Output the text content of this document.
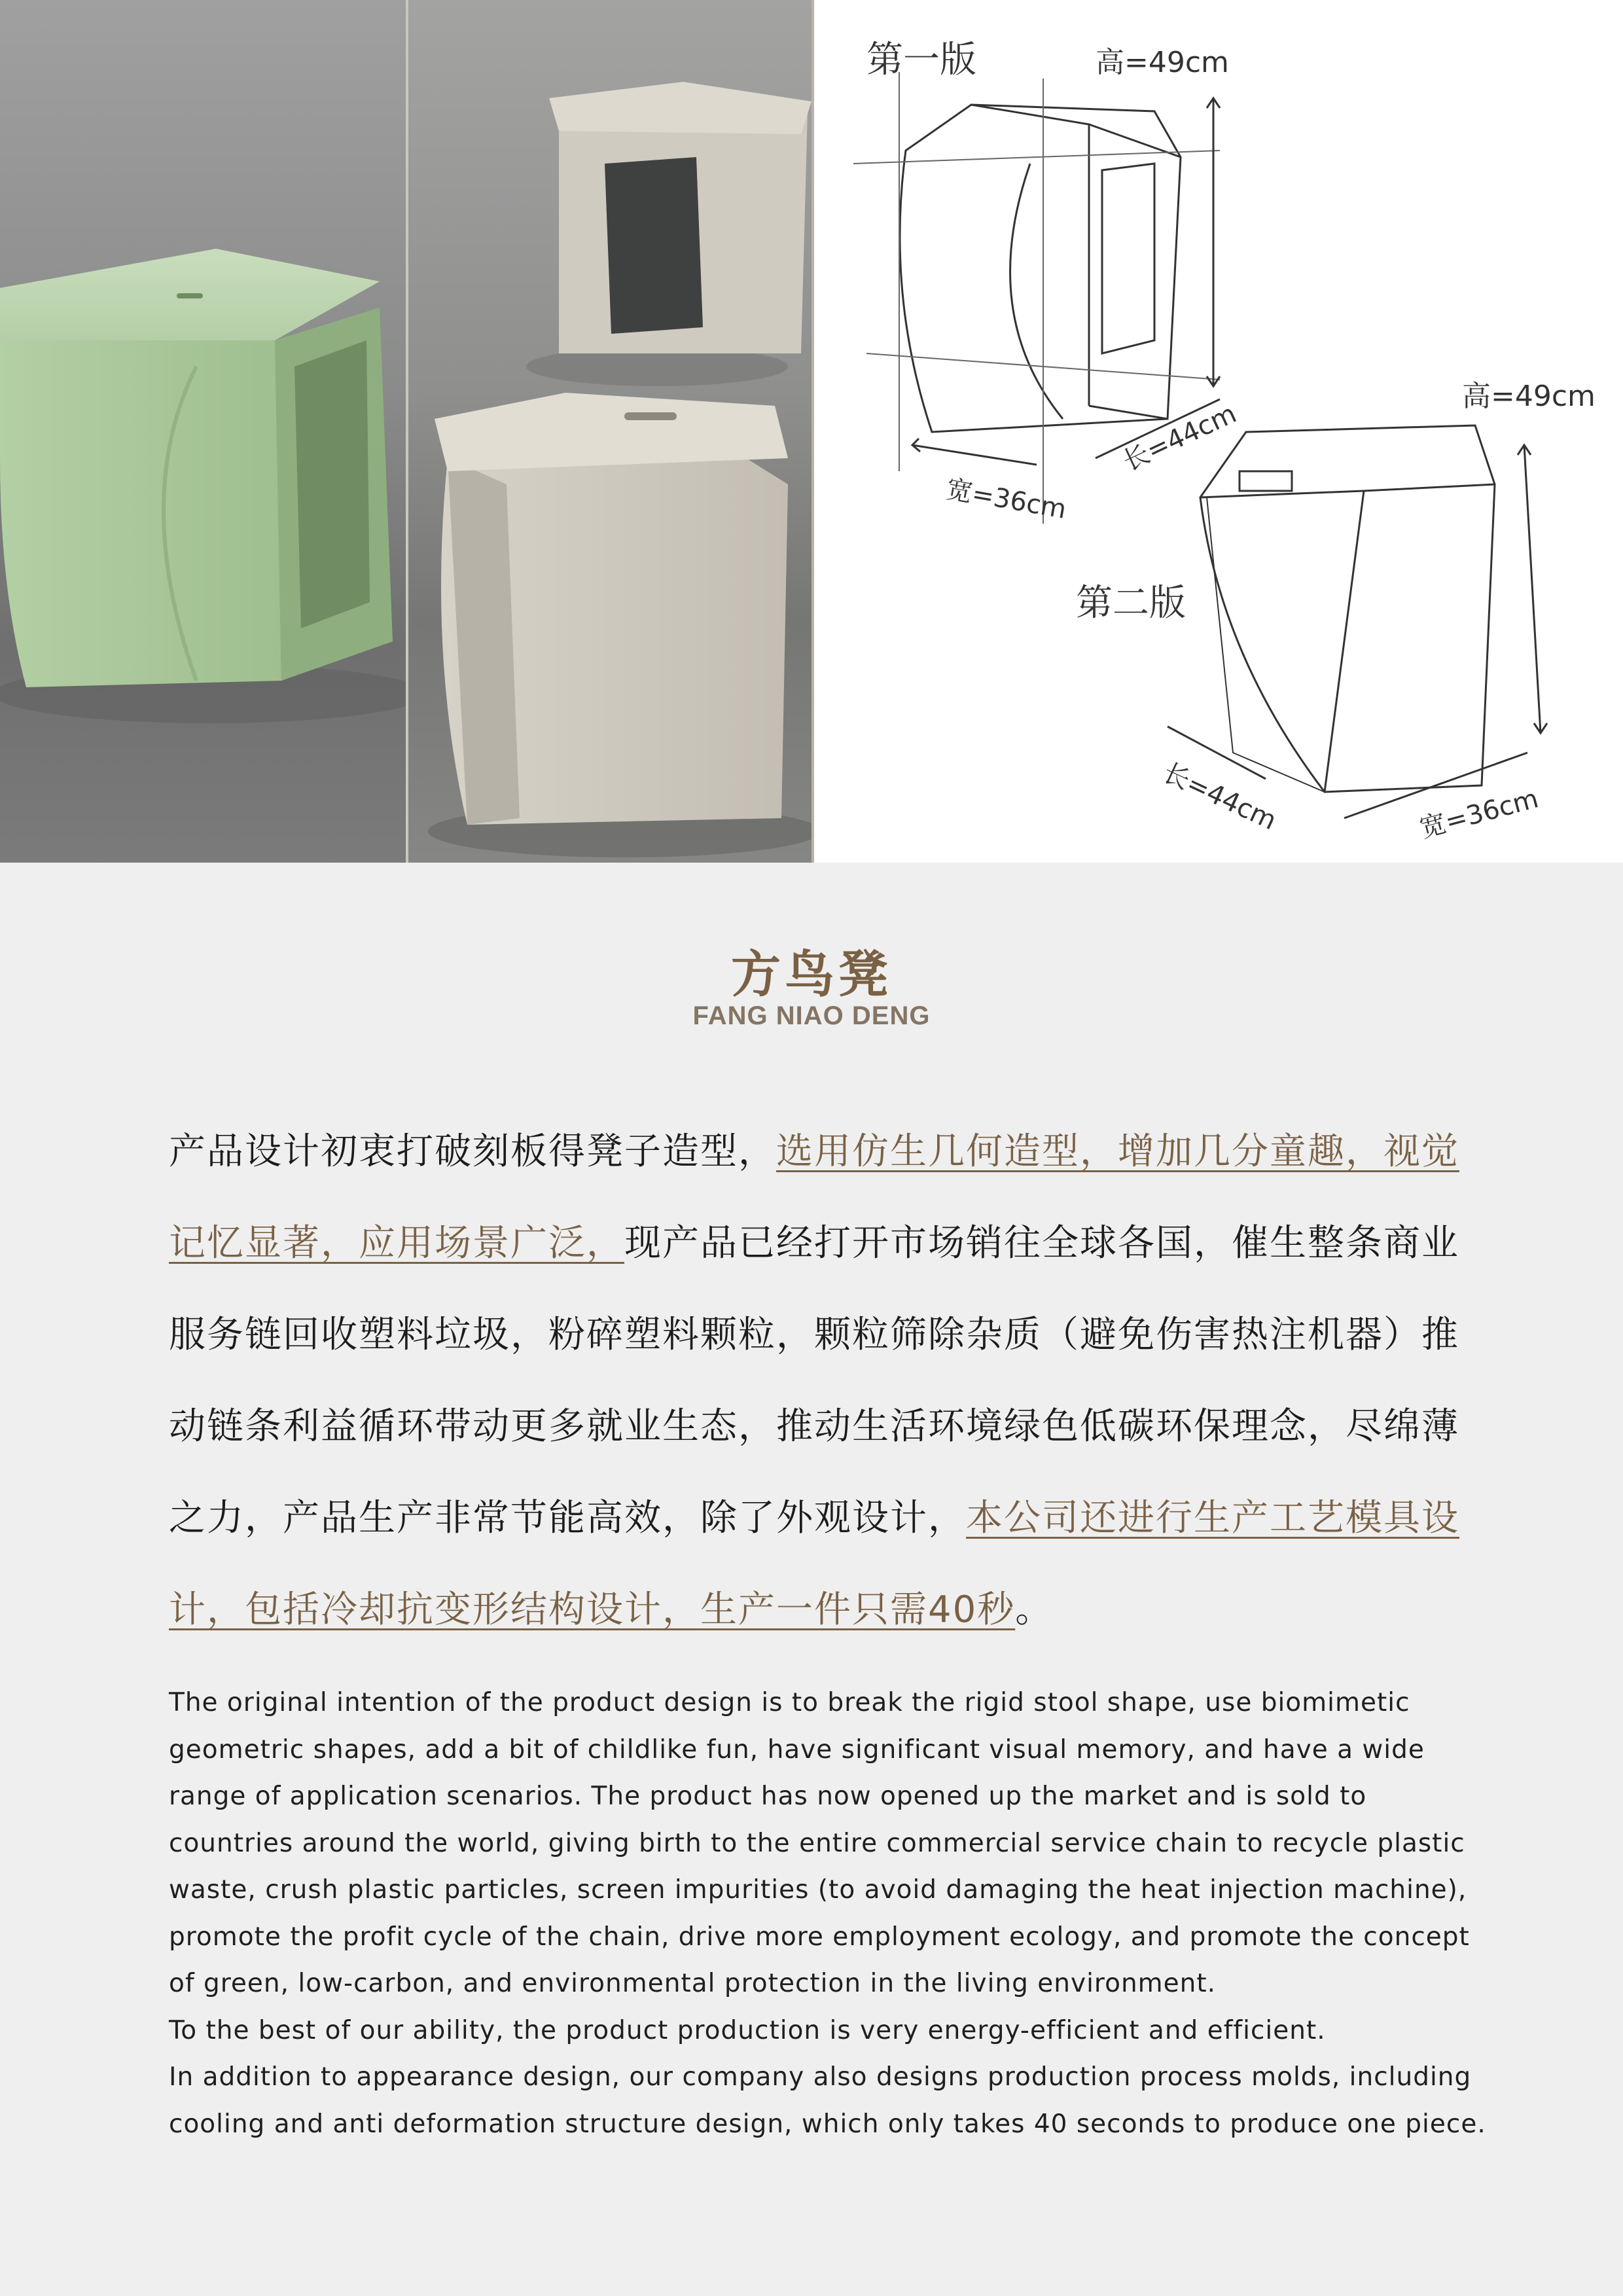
第一版	高=49cm
宽=36cm
长=44cm
第二版
高=49cm
长=44cm	宽=36cm
方鸟凳
FANG NIAO DENG
产品设计初衷打破刻板得凳子造型，选用仿生几何造型，增加几分童趣，视觉记忆显著，应用场景广泛，现产品已经打开市场销往全球各国，催生整条商业服务链回收塑料垃圾，粉碎塑料颗粒，颗粒筛除杂质（避免伤害热注机器）推动链条利益循环带动更多就业生态，推动生活环境绿色低碳环保理念，尽绵薄之力，产品生产非常节能高效，除了外观设计，本公司还进行生产工艺模具设计，包括冷却抗变形结构设计，生产一件只需40秒。

The original intention of the product design is to break the rigid stool shape, use biomimetic geometric shapes, add a bit of childlike fun, have significant visual memory, and have a wide range of application scenarios. The product has now opened up the market and is sold to countries around the world, giving birth to the entire commercial service chain to recycle plastic waste, crush plastic particles, screen impurities (to avoid damaging the heat injection machine), promote the profit cycle of the chain, drive more employment ecology, and promote the concept of green, low-carbon, and environmental protection in the living environment.

To the best of our ability, the product production is very energy-efficient and efficient.

In addition to appearance design, our company also designs production process molds, including cooling and anti deformation structure design, which only takes 40 seconds to produce one piece.
